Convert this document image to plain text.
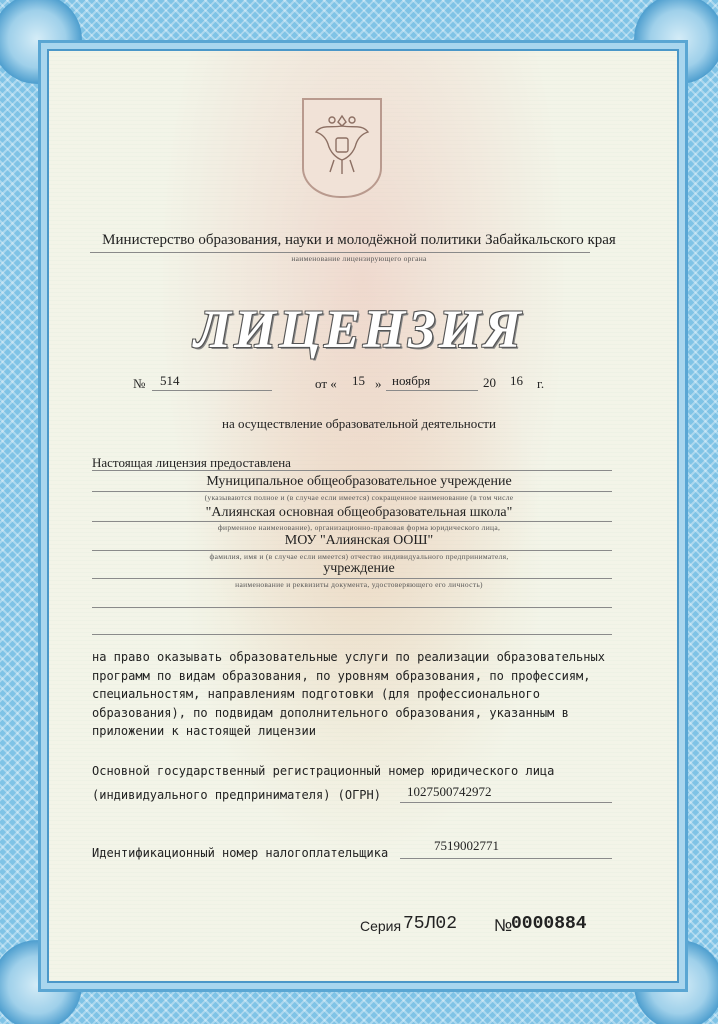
Министерство образования, науки и молодёжной политики Забайкальского края
наименование лицензирующего органа
ЛИЦЕНЗИЯ
№ 514	от « 15 » ноября	20 16 г.
на осуществление образовательной деятельности
Настоящая лицензия предоставлена
Муниципальное общеобразовательное учреждение
(указываются полное и (в случае если имеется) сокращенное наименование (в том числе
"Алиянская основная общеобразовательная школа"
фирменное наименование), организационно-правовая форма юридического лица,
МОУ "Алиянская ООШ"
фамилия, имя и (в случае если имеется) отчество индивидуального предпринимателя,
учреждение
наименование и реквизиты документа, удостоверяющего его личность)
на право оказывать образовательные услуги по реализации образовательных программ по видам образования, по уровням образования, по профессиям, специальностям, направлениям подготовки (для профессионального образования), по подвидам дополнительного образования, указанным в приложении к настоящей лицензии
Основной государственный регистрационный номер юридического лица
(индивидуального предпринимателя) (ОГРН) 1027500742972
Идентификационный номер налогоплательщика	7519002771
Серия 75Л02 №
0000884
